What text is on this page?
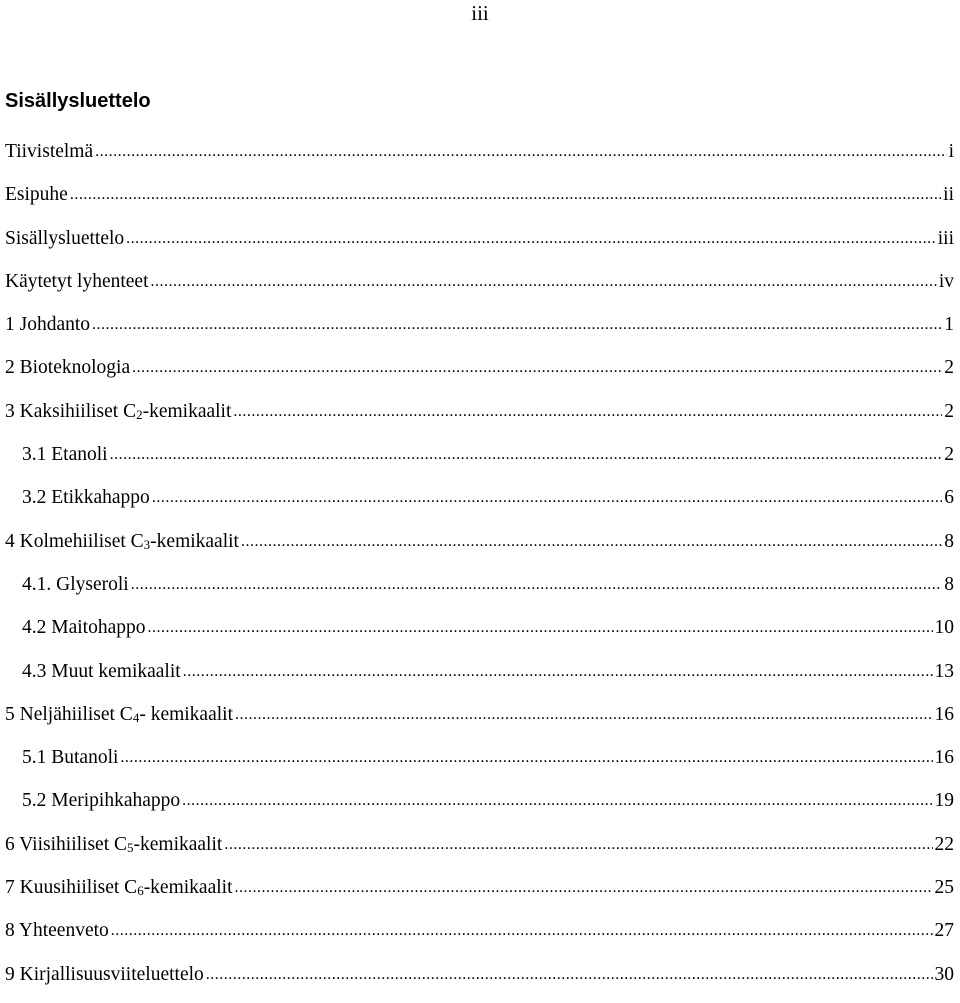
iii
Sisällysluettelo
Tiivistelmä .....	i
Esipuhe .....	ii
Sisällysluettelo .....	iii
Käytetyt lyhenteet .....	iv
1 Johdanto .....	1
2 Bioteknologia .....	2
3 Kaksihiiliset $C_2$-kemikaalit .....	2
3.1 Etanoli .....	2
3.2 Etikkahappo .....	6
4 Kolmehiiliset $C_3$-kemikaalit .....	8
4.1. Glyseroli .....	8
4.2 Maitohappo .....	10
4.3 Muut kemikaalit .....	13
5 Neljähiiliset $C_4-$ kemikaalit .....	16
5.1 Butanoli .....	16
5.2 Meripihkahappo .....	19
6 Viisihiiliset $C_5$-kemikaalit .....	22
7 Kuusihiiliset $C_6$-kemikaalit .....	25
8 Yhteenveto .....	27
9 Kirjallisuusviiteluettelo .....	30
